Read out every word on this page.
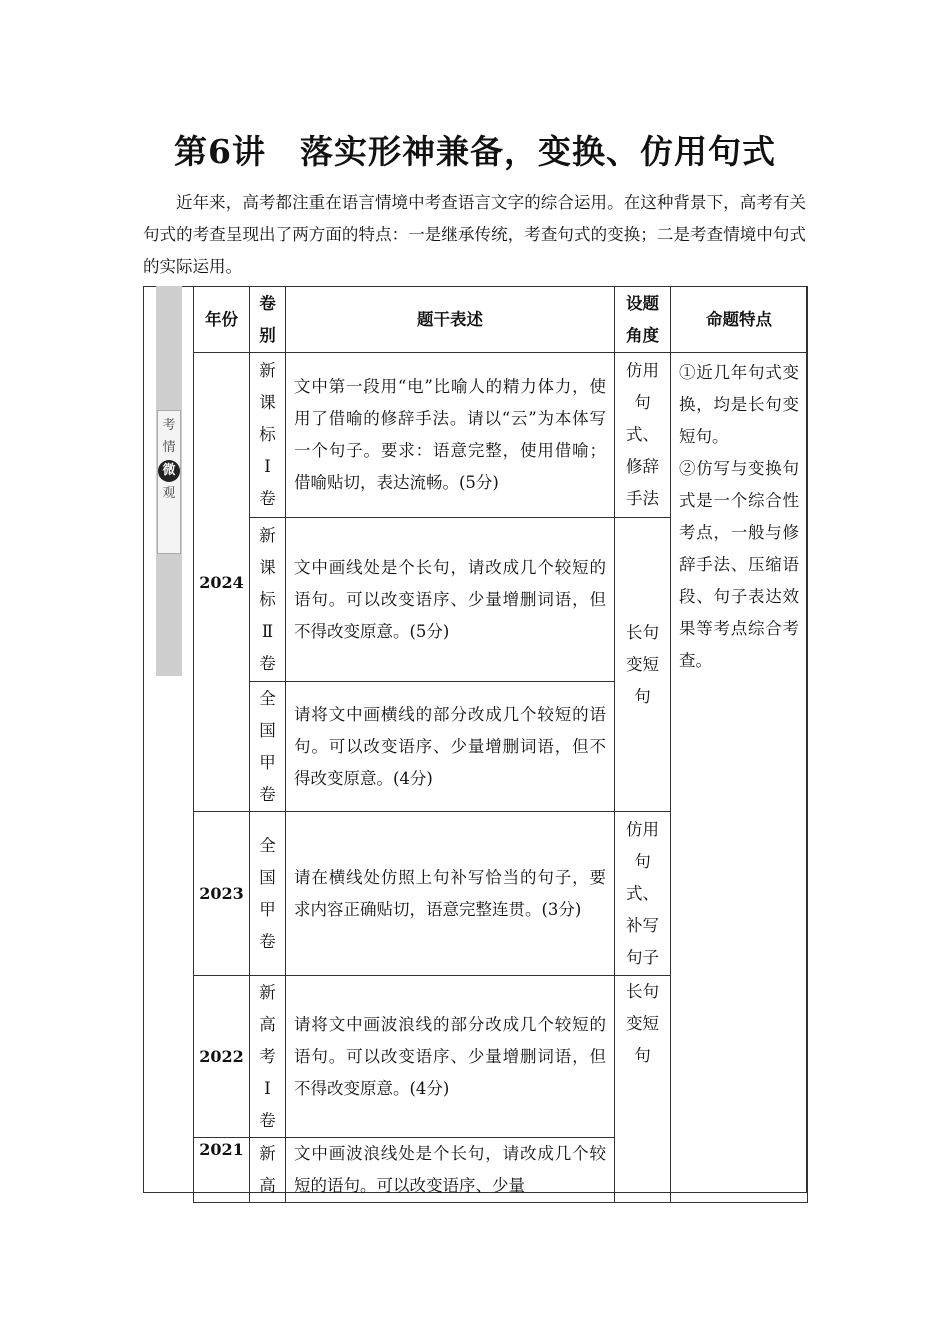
第6讲　落实形神兼备，变换、仿用句式

近年来，高考都注重在语言情境中考查语言文字的综合运用。在这种背景下，高考有关句式的考查呈现出了两方面的特点：一是继承传统，考查句式的变换；二是考查情境中句式的实际运用。

考情
微
观
年份	卷别	题干表述	设题角度	命题特点
2024	新课标Ⅰ卷	文中第一段用“电”比喻人的精力体力，使用了借喻的修辞手法。请以“云”为本体写一个句子。要求：语意完整，使用借喻；借喻贴切，表达流畅。(5分)	仿用句式、修辞手法	①近几年句式变换，均是长句变短句。
②仿写与变换句式是一个综合性考点，一般与修辞手法、压缩语段、句子表达效果等考点综合考查。

	新课标Ⅱ卷	文中画线处是个长句，请改成几个较短的语句。可以改变语序、少量增删词语，但不得改变原意。(5分)	长句变短句	
	全国甲卷	请将文中画横线的部分改成几个较短的语句。可以改变语序、少量增删词语，但不得改变原意。(4分)		
2023	全国甲卷	请在横线处仿照上句补写恰当的句子，要求内容正确贴切，语意完整连贯。(3分)	仿用句式、补写句子	
2022	新高考Ⅰ卷	请将文中画波浪线的部分改成几个较短的语句。可以改变语序、少量增删词语，但不得改变原意。(4分)	长句变短句	
2021	新高	文中画波浪线处是个长句，请改成几个较短的语句。可以改变语序、少量		
